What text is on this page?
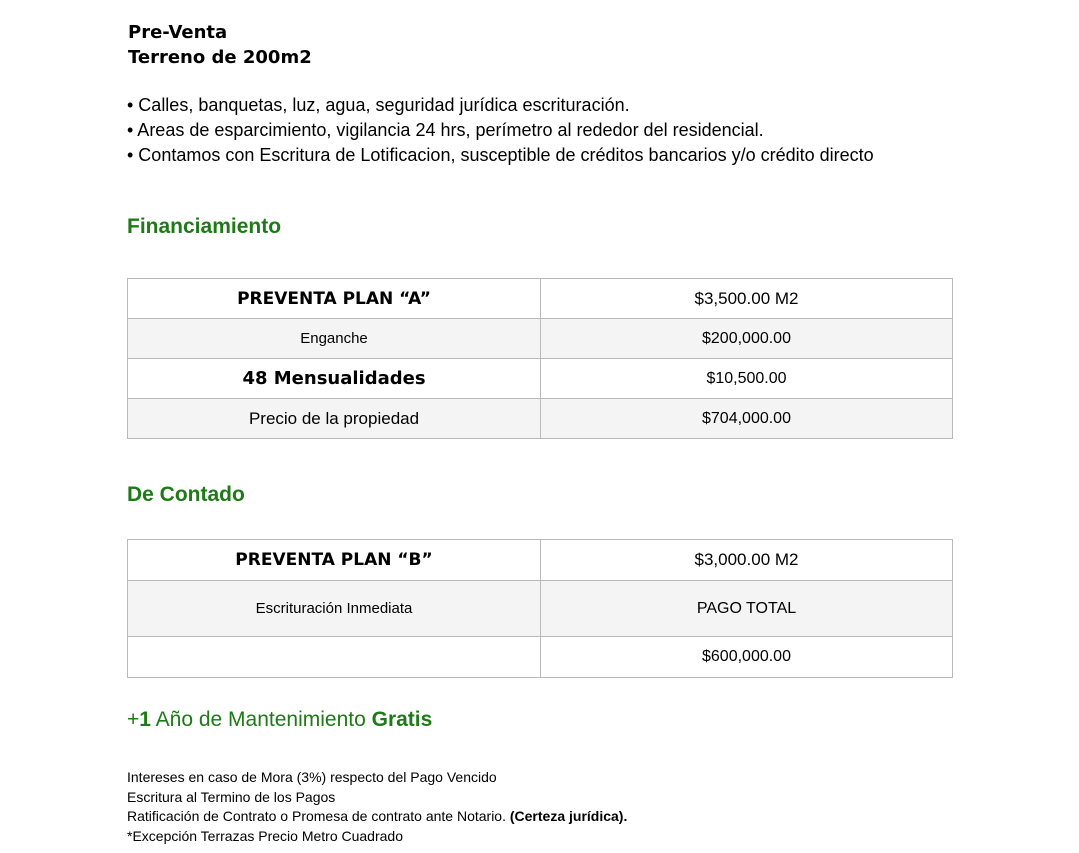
Pre-Venta
Terreno de 200m2
• Calles, banquetas, luz, agua, seguridad jurídica escrituración.
• Areas de esparcimiento, vigilancia 24 hrs, perímetro al rededor del residencial.
• Contamos con Escritura de Lotificacion, susceptible de créditos bancarios y/o crédito directo
Financiamiento
PREVENTA PLAN “A”	$3,500.00 M2
Enganche	$200,000.00
48 Mensualidades	$10,500.00
Precio de la propiedad	$704,000.00
De Contado
PREVENTA PLAN “B”	$3,000.00 M2
Escrituración Inmediata	PAGO TOTAL
	$600,000.00
+1 Año de Mantenimiento Gratis
Intereses en caso de Mora (3%) respecto del Pago Vencido
Escritura al Termino de los Pagos
Ratificación de Contrato o Promesa de contrato ante Notario. (Certeza jurídica).
*Excepción Terrazas Precio Metro Cuadrado
